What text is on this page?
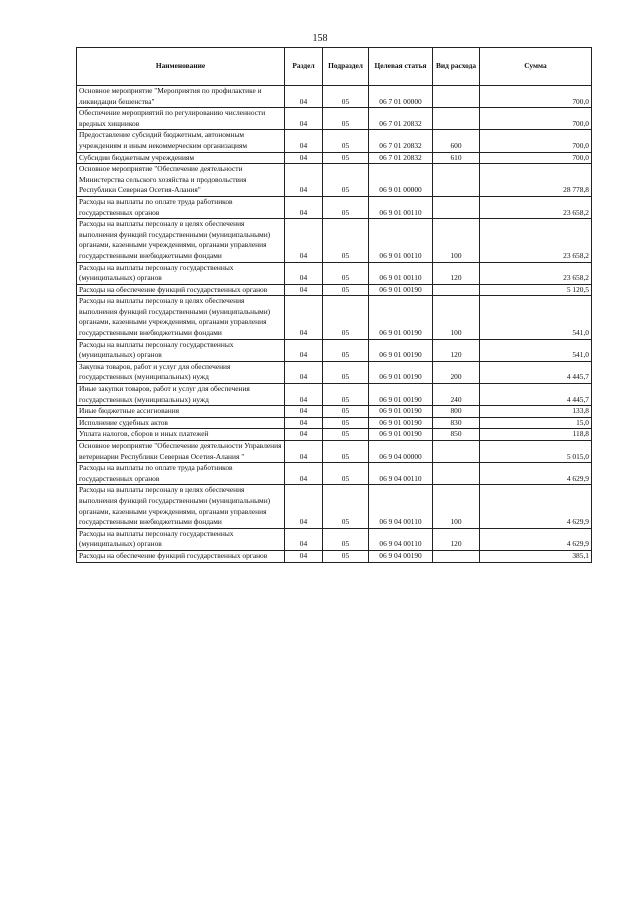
158
Наименование	Раздел	Подраздел	Целевая статья	Вид расхода	Сумма
Основное мероприятие "Мероприятия по профилактике и ликвидации бешенства"	04	05	06 7 01 00000		700,0
Обеспечение мероприятий по регулированию численности вредных хищников	04	05	06 7 01 20832		700,0
Предоставление субсидий бюджетным, автономным учреждениям и иным некоммерческим организациям	04	05	06 7 01 20832	600	700,0
Субсидии бюджетным учреждениям	04	05	06 7 01 20832	610	700,0
Основное мероприятие "Обеспечение деятельности Министерства сельского хозяйства и продовольствия Республики Северная Осетия-Алания"	04	05	06 9 01 00000		28 778,8
Расходы на выплаты по оплате труда работников государственных органов	04	05	06 9 01 00110		23 658,2
Расходы на выплаты персоналу в целях обеспечения выполнения функций государственными (муниципальными) органами, казенными учреждениями, органами управления государственными внебюджетными фондами	04	05	06 9 01 00110	100	23 658,2
Расходы на выплаты персоналу государственных (муниципальных) органов	04	05	06 9 01 00110	120	23 658,2
Расходы на обеспечение функций государственных органов	04	05	06 9 01 00190		5 120,5
Расходы на выплаты персоналу в целях обеспечения выполнения функций государственными (муниципальными) органами, казенными учреждениями, органами управления государственными внебюджетными фондами	04	05	06 9 01 00190	100	541,0
Расходы на выплаты персоналу государственных (муниципальных) органов	04	05	06 9 01 00190	120	541,0
Закупка товаров, работ и услуг для обеспечения государственных (муниципальных) нужд	04	05	06 9 01 00190	200	4 445,7
Иные закупки товаров, работ и услуг для обеспечения государственных (муниципальных) нужд	04	05	06 9 01 00190	240	4 445,7
Иные бюджетные ассигнования	04	05	06 9 01 00190	800	133,8
Исполнение судебных актов	04	05	06 9 01 00190	830	15,0
Уплата налогов, сборов и иных платежей	04	05	06 9 01 00190	850	118,8
Основное мероприятие "Обеспечение деятельности Управления ветеринарии Республики Северная Осетия-Алания "	04	05	06 9 04 00000		5 015,0
Расходы на выплаты по оплате труда работников государственных органов	04	05	06 9 04 00110		4 629,9
Расходы на выплаты персоналу в целях обеспечения выполнения функций государственными (муниципальными) органами, казенными учреждениями, органами управления государственными внебюджетными фондами	04	05	06 9 04 00110	100	4 629,9
Расходы на выплаты персоналу государственных (муниципальных) органов	04	05	06 9 04 00110	120	4 629,9
Расходы на обеспечение функций государственных органов	04	05	06 9 04 00190		385,1
